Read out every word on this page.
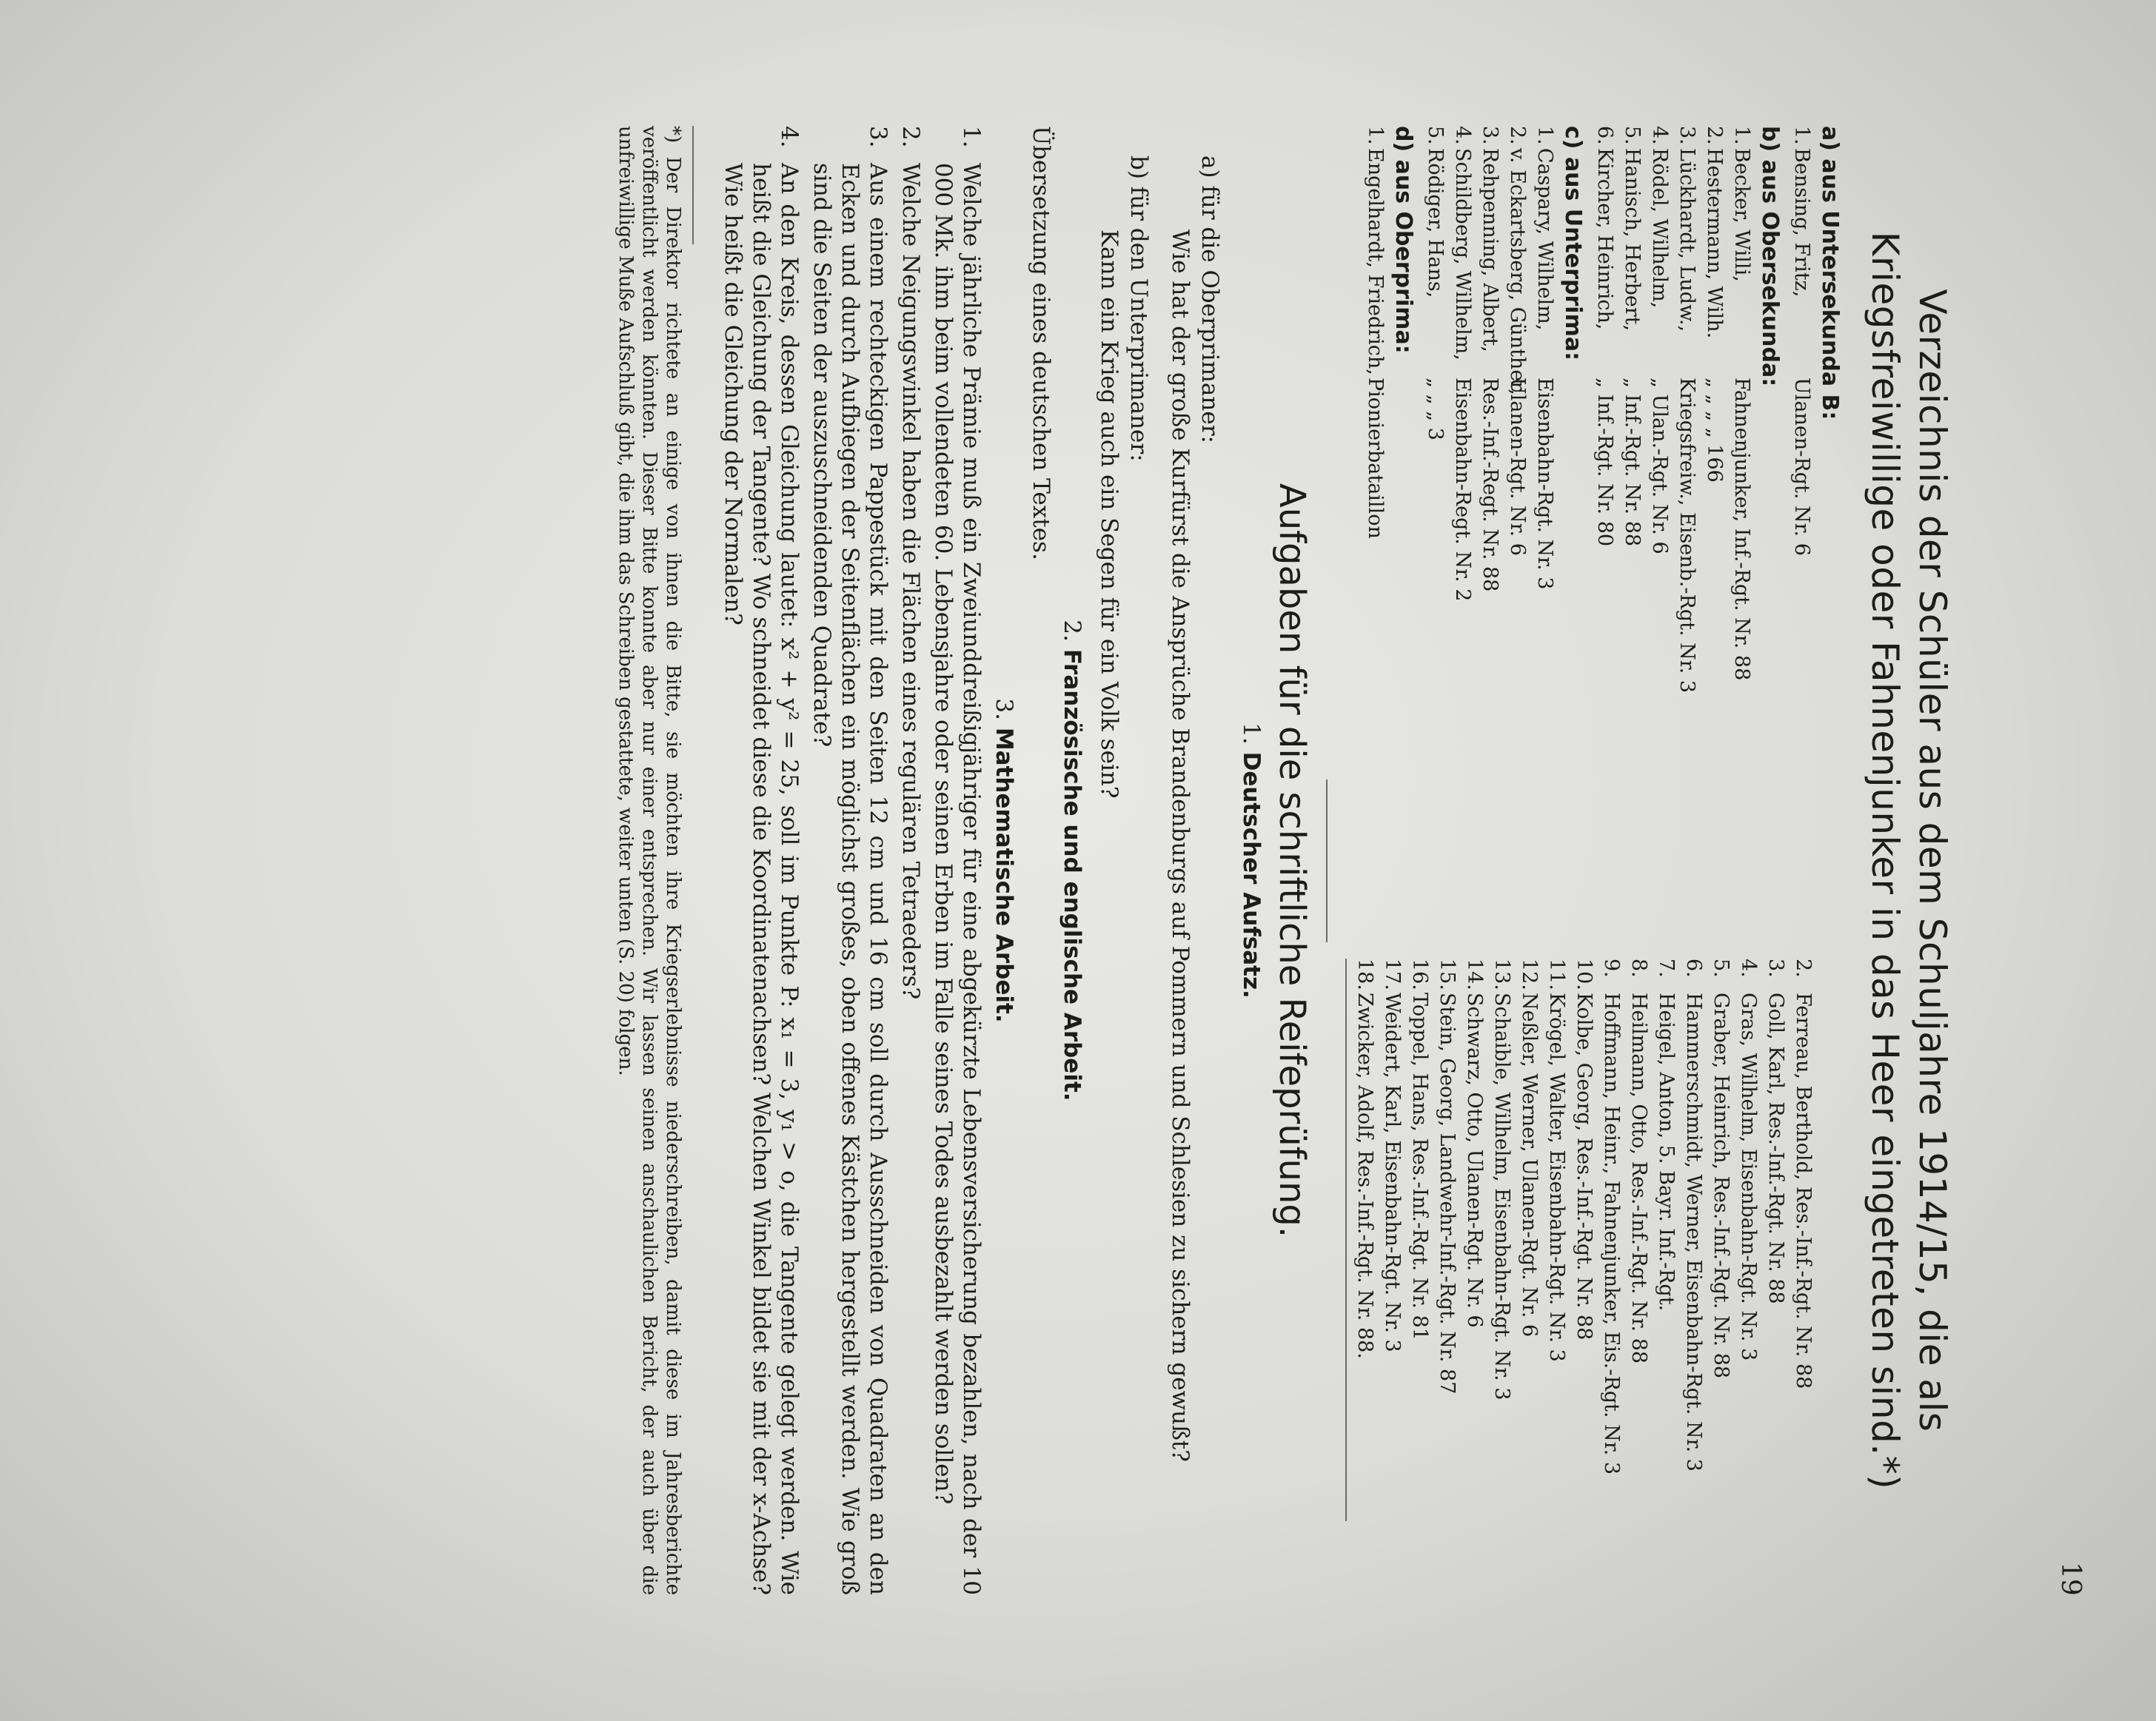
19
Verzeichnis der Schüler aus dem Schuljahre 1914/15, die als Kriegsfreiwillige oder Fahnenjunker in das Heer eingetreten sind.*)
a) aus Untersekunda B:
1.
Bensing, Fritz,
Ulanen-Rgt. Nr. 6
b) aus Obersekunda:
1.
Becker, Willi,
Fahnenjunker, Inf.-Rgt. Nr. 88
2.
Hestermann, Wilh.
„ „ „ „ 166
3.
Lückhardt, Ludw.,
Kriegsfreiw., Eisenb.-Rgt. Nr. 3
4.
Rödel, Wilhelm,
„ Ulan.-Rgt. Nr. 6
5.
Hanisch, Herbert,
„ Inf.-Rgt. Nr. 88
6.
Kircher, Heinrich,
„ Inf.-Rgt. Nr. 80
c) aus Unterprima:
1.
Caspary, Wilhelm,
Eisenbahn-Rgt. Nr. 3
2.
v. Eckartsberg, Günther,
Ulanen-Rgt. Nr. 6
3.
Rehpenning, Albert,
Res.-Inf.-Regt. Nr. 88
4.
Schildberg, Wilhelm,
Eisenbahn-Regt. Nr. 2
5.
Rödiger, Hans,
„ „ „ 3
d) aus Oberprima:
1.
Engelhardt, Friedrich,
Pionierbataillon
2.
Ferreau, Berthold, Res.-Inf.-Rgt. Nr. 88
3.
Goll, Karl, Res.-Inf.-Rgt. Nr. 88
4.
Gras, Wilhelm, Eisenbahn-Rgt. Nr. 3
5.
Graber, Heinrich, Res.-Inf.-Rgt. Nr. 88
6.
Hammerschmidt, Werner, Eisenbahn-Rgt. Nr. 3
7.
Heigel, Anton, 5. Bayr. Inf.-Rgt.
8.
Heilmann, Otto, Res.-Inf.-Rgt. Nr. 88
9.
Hoffmann, Heinr., Fahnenjunker, Eis.-Rgt. Nr. 3
10.
Kolbe, Georg, Res.-Inf.-Rgt. Nr. 88
11.
Krögel, Walter, Eisenbahn-Rgt. Nr. 3
12.
Neßler, Werner, Ulanen-Rgt. Nr. 6
13.
Schaible, Wilhelm, Eisenbahn-Rgt. Nr. 3
14.
Schwarz, Otto, Ulanen-Rgt. Nr. 6
15.
Stein, Georg, Landwehr-Inf.-Rgt. Nr. 87
16.
Toppel, Hans, Res.-Inf.-Rgt. Nr. 81
17.
Weidert, Karl, Eisenbahn-Rgt. Nr. 3
18.
Zwicker, Adolf, Res.-Inf.-Rgt. Nr. 88.
Aufgaben für die schriftliche Reifeprüfung.
1. Deutscher Aufsatz.
a) für die Oberprimaner:
Wie hat der große Kurfürst die Ansprüche Brandenburgs auf Pommern und Schlesien zu sichern gewußt?
b) für den Unterprimaner:
Kann ein Krieg auch ein Segen für ein Volk sein?
2. Französische und englische Arbeit.
Übersetzung eines deutschen Textes.
3. Mathematische Arbeit.
1.
Welche jährliche Prämie muß ein Zweiunddreißigjähriger für eine abgekürzte Lebensversicherung bezahlen, nach der 10 000 Mk. ihm beim vollendeten 60. Lebensjahre oder seinen Erben im Falle seines Todes ausbezahlt werden sollen?
2.
Welche Neigungswinkel haben die Flächen eines regulären Tetraeders?
3.
Aus einem rechteckigen Pappestück mit den Seiten 12 cm und 16 cm soll durch Ausschneiden von Quadraten an den Ecken und durch Aufbiegen der Seitenflächen ein möglichst großes, oben offenes Kästchen hergestellt werden. Wie groß sind die Seiten der auszuschneidenden Quadrate?
4.
An den Kreis, dessen Gleichung lautet: x² + y² = 25, soll im Punkte P: x₁ = 3, y₁ > o, die Tangente gelegt werden. Wie heißt die Gleichung der Tangente? Wo schneidet diese die Koordinatenachsen? Welchen Winkel bildet sie mit der x-Achse? Wie heißt die Gleichung der Normalen?
*) Der Direktor richtete an einige von ihnen die Bitte, sie möchten ihre Kriegserlebnisse niederschreiben, damit diese im Jahresberichte veröffentlicht werden könnten. Dieser Bitte konnte aber nur einer entsprechen. Wir lassen seinen anschaulichen Bericht, der auch über die unfreiwillige Muße Aufschluß gibt, die ihm das Schreiben gestattete, weiter unten (S. 20) folgen.
